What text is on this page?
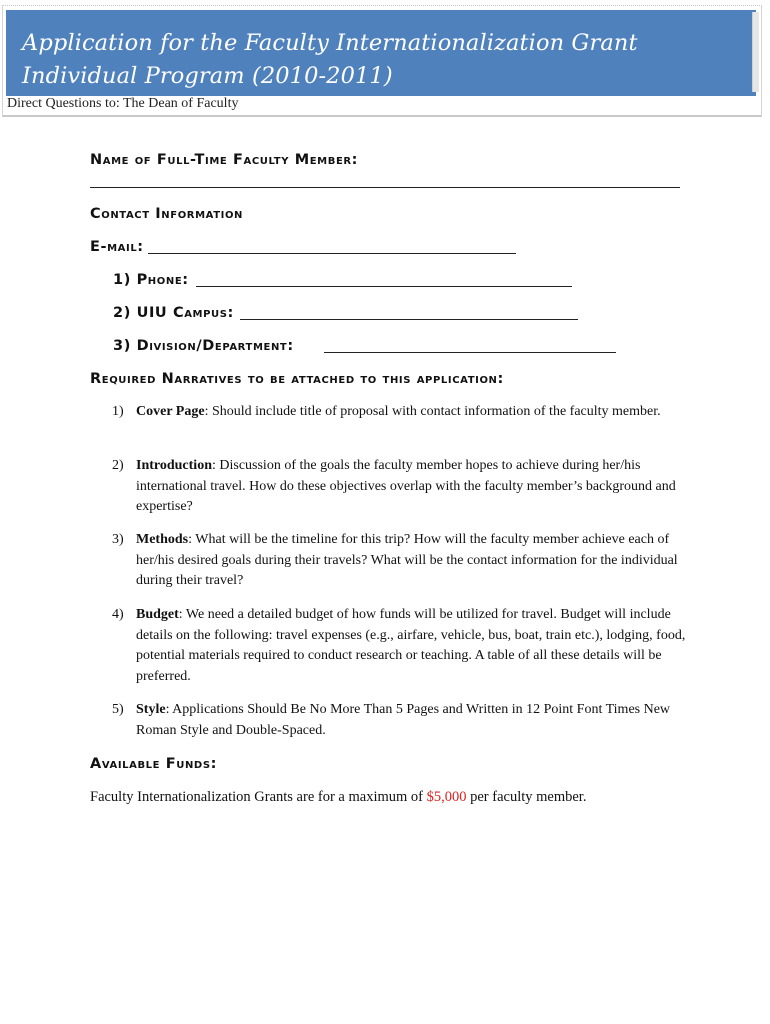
Application for the Faculty Internationalization Grant Individual Program (2010-2011)
Direct Questions to: The Dean of Faculty
Name of Full-Time Faculty Member:
Contact Information
E-mail:
1) Phone:
2) UIU Campus:
3) Division/Department:
Required Narratives to be attached to this application:
1) Cover Page: Should include title of proposal with contact information of the faculty member.
2) Introduction: Discussion of the goals the faculty member hopes to achieve during her/his international travel. How do these objectives overlap with the faculty member’s background and expertise?
3) Methods: What will be the timeline for this trip? How will the faculty member achieve each of her/his desired goals during their travels? What will be the contact information for the individual during their travel?
4) Budget: We need a detailed budget of how funds will be utilized for travel. Budget will include details on the following: travel expenses (e.g., airfare, vehicle, bus, boat, train etc.), lodging, food, potential materials required to conduct research or teaching. A table of all these details will be preferred.
5) Style: Applications Should Be No More Than 5 Pages and Written in 12 Point Font Times New Roman Style and Double-Spaced.
Available Funds:
Faculty Internationalization Grants are for a maximum of $5,000 per faculty member.
